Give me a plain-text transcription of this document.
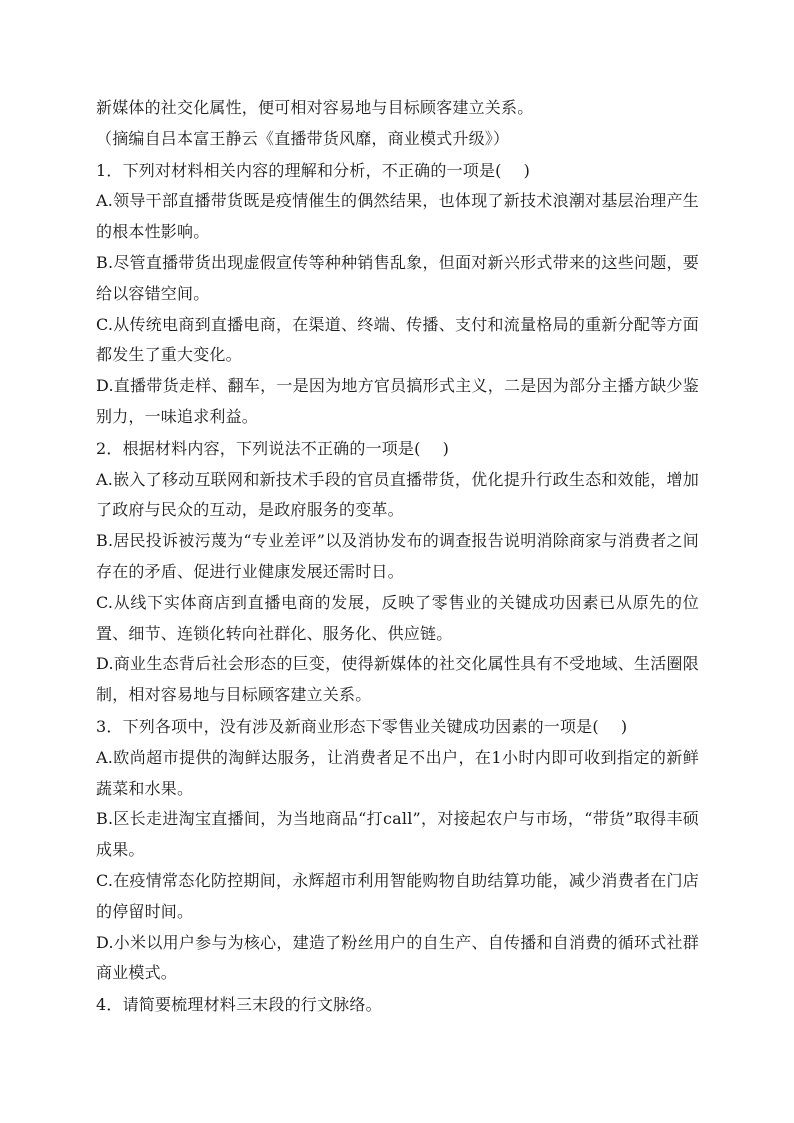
新媒体的社交化属性，便可相对容易地与目标顾客建立关系。

（摘编自吕本富王静云《直播带货风靡，商业模式升级》）

1．下列对材料相关内容的理解和分析，不正确的一项是( )

A.领导干部直播带货既是疫情催生的偶然结果，也体现了新技术浪潮对基层治理产生的根本性影响。

B.尽管直播带货出现虚假宣传等种种销售乱象，但面对新兴形式带来的这些问题，要给以容错空间。

C.从传统电商到直播电商，在渠道、终端、传播、支付和流量格局的重新分配等方面都发生了重大变化。

D.直播带货走样、翻车，一是因为地方官员搞形式主义，二是因为部分主播方缺少鉴别力，一味追求利益。

2．根据材料内容，下列说法不正确的一项是( )

A.嵌入了移动互联网和新技术手段的官员直播带货，优化提升行政生态和效能，增加了政府与民众的互动，是政府服务的变革。

B.居民投诉被污蔑为“专业差评”以及消协发布的调查报告说明消除商家与消费者之间存在的矛盾、促进行业健康发展还需时日。

C.从线下实体商店到直播电商的发展，反映了零售业的关键成功因素已从原先的位置、细节、连锁化转向社群化、服务化、供应链。

D.商业生态背后社会形态的巨变，使得新媒体的社交化属性具有不受地域、生活圈限制，相对容易地与目标顾客建立关系。

3．下列各项中，没有涉及新商业形态下零售业关键成功因素的一项是( )

A.欧尚超市提供的淘鲜达服务，让消费者足不出户，在1小时内即可收到指定的新鲜蔬菜和水果。

B.区长走进淘宝直播间，为当地商品“打call”，对接起农户与市场，“带货”取得丰硕成果。

C.在疫情常态化防控期间，永辉超市利用智能购物自助结算功能，减少消费者在门店的停留时间。

D.小米以用户参与为核心，建造了粉丝用户的自生产、自传播和自消费的循环式社群商业模式。

4．请简要梳理材料三末段的行文脉络。
